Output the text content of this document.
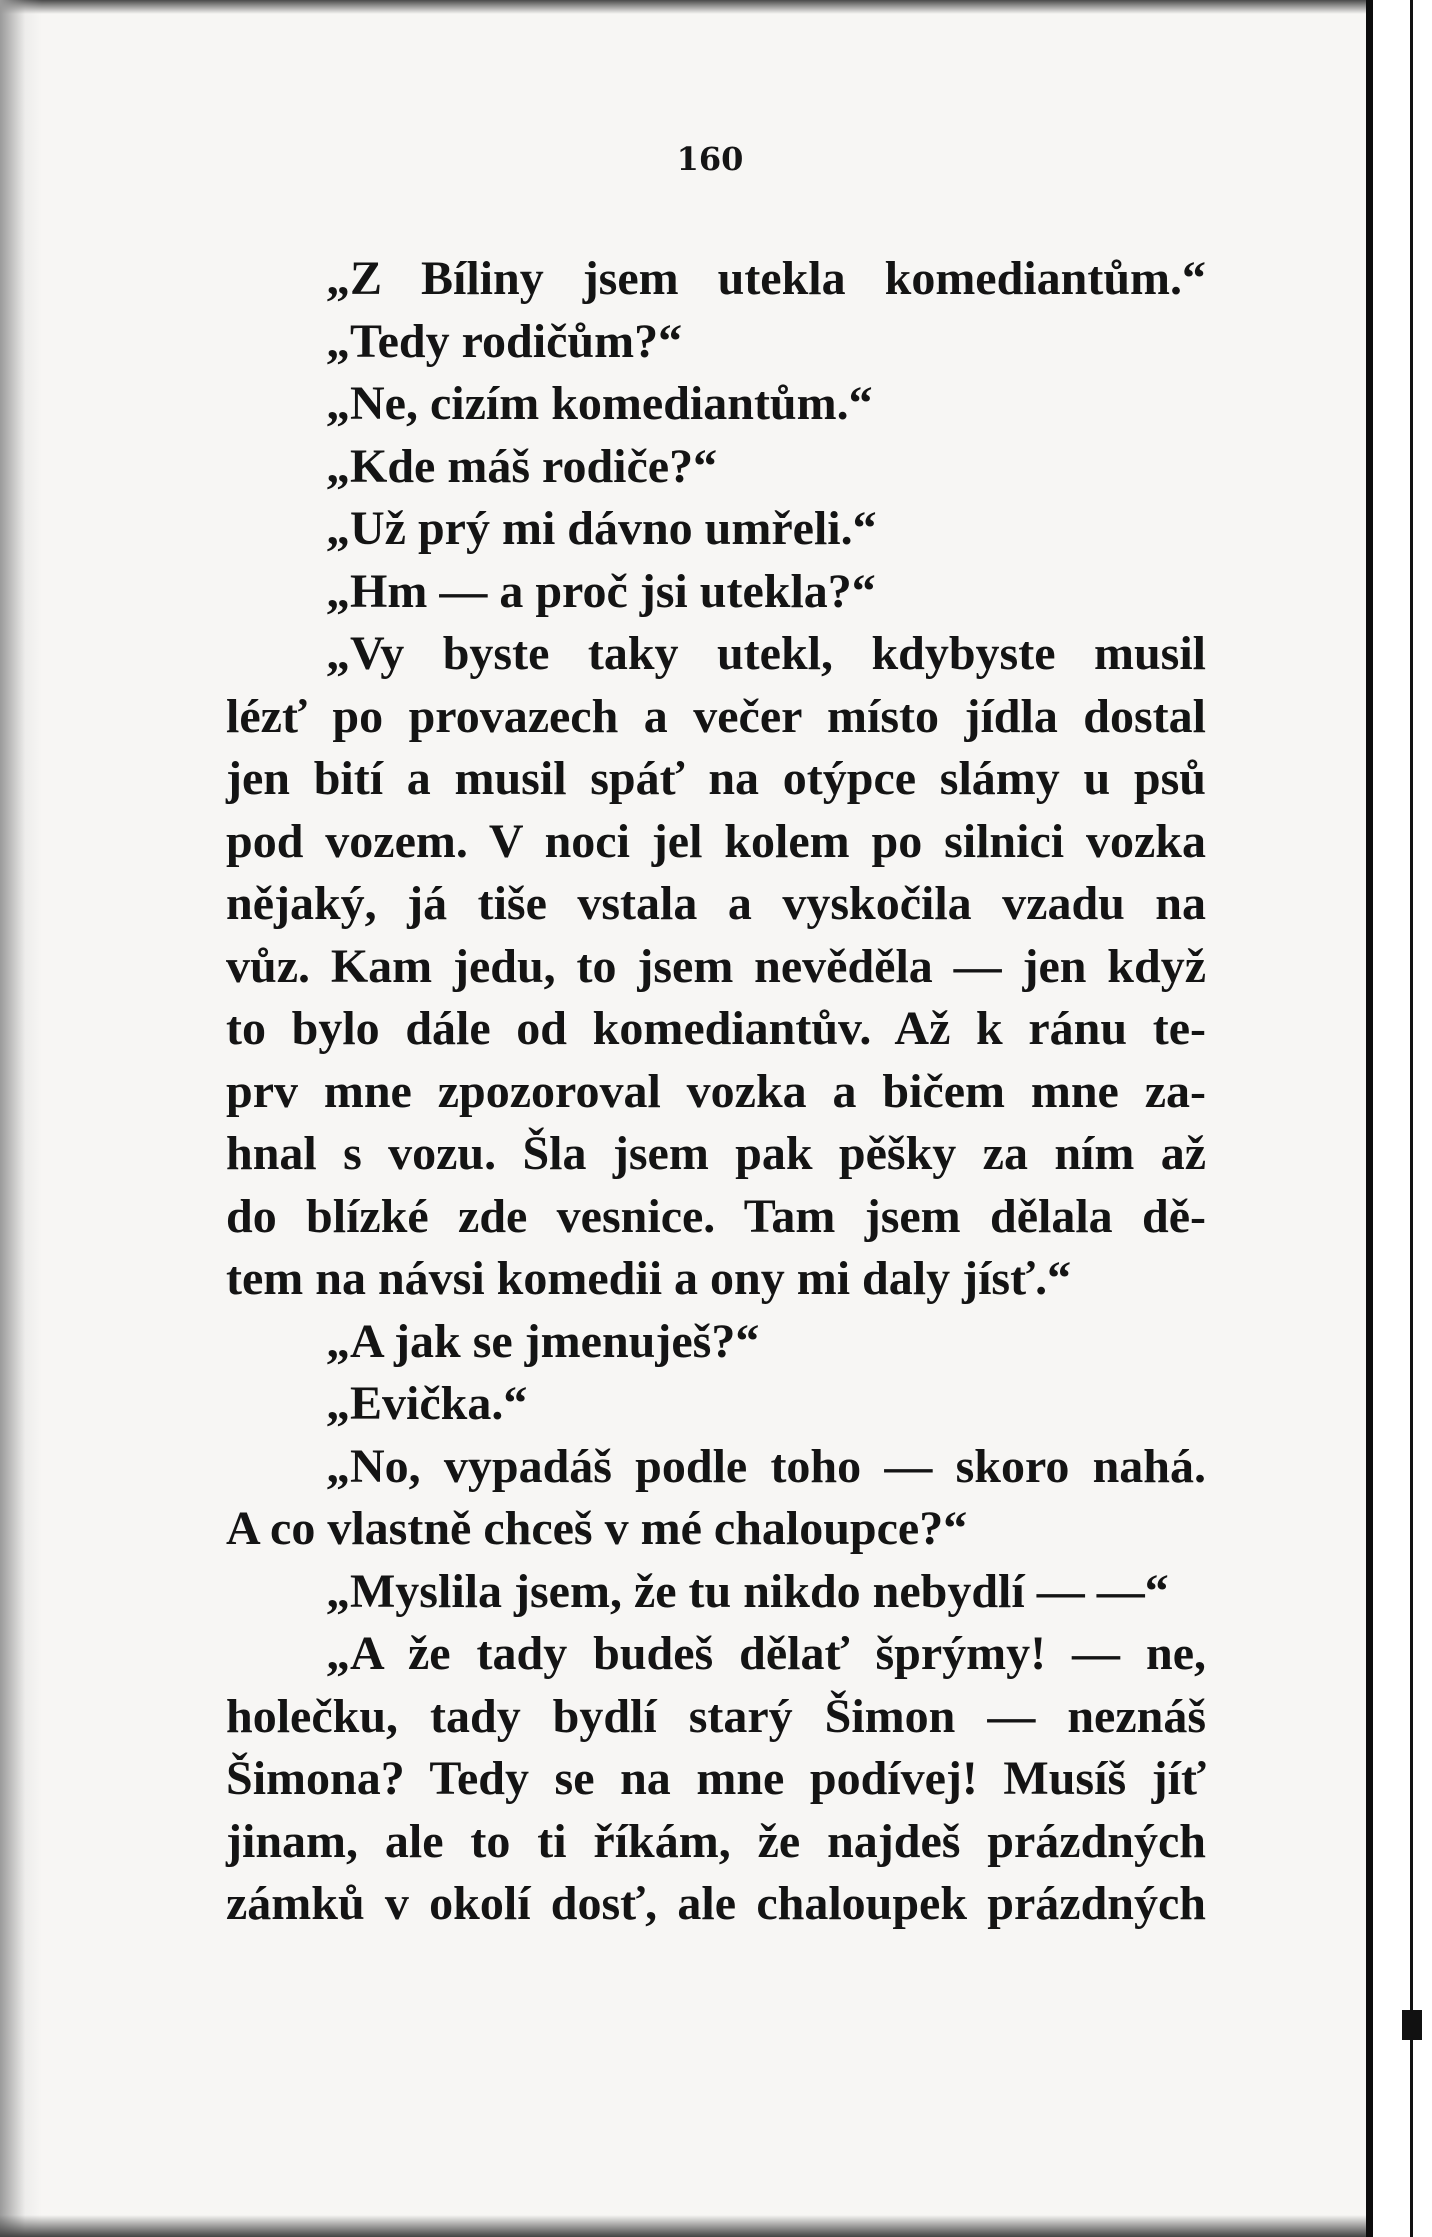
160
„Z Bíliny jsem utekla komediantům.“
„Tedy rodičům?“
„Ne, cizím komediantům.“
„Kde máš rodiče?“
„Už prý mi dávno umřeli.“
„Hm — a proč jsi utekla?“
„Vy byste taky utekl, kdybyste musil
lézť po provazech a večer místo jídla dostal
jen bití a musil spáť na otýpce slámy u psů
pod vozem. V noci jel kolem po silnici vozka
nějaký, já tiše vstala a vyskočila vzadu na
vůz. Kam jedu, to jsem nevěděla — jen když
to bylo dále od komediantův. Až k ránu te-
prv mne zpozoroval vozka a bičem mne za-
hnal s vozu. Šla jsem pak pěšky za ním až
do blízké zde vesnice. Tam jsem dělala dě-
tem na návsi komedii a ony mi daly jísť.“
„A jak se jmenuješ?“
„Evička.“
„No, vypadáš podle toho — skoro nahá.
A co vlastně chceš v mé chaloupce?“
„Myslila jsem, že tu nikdo nebydlí — —“
„A že tady budeš dělať šprýmy! — ne,
holečku, tady bydlí starý Šimon — neznáš
Šimona? Tedy se na mne podívej! Musíš jíť
jinam, ale to ti říkám, že najdeš prázdných
zámků v okolí dosť, ale chaloupek prázdných
